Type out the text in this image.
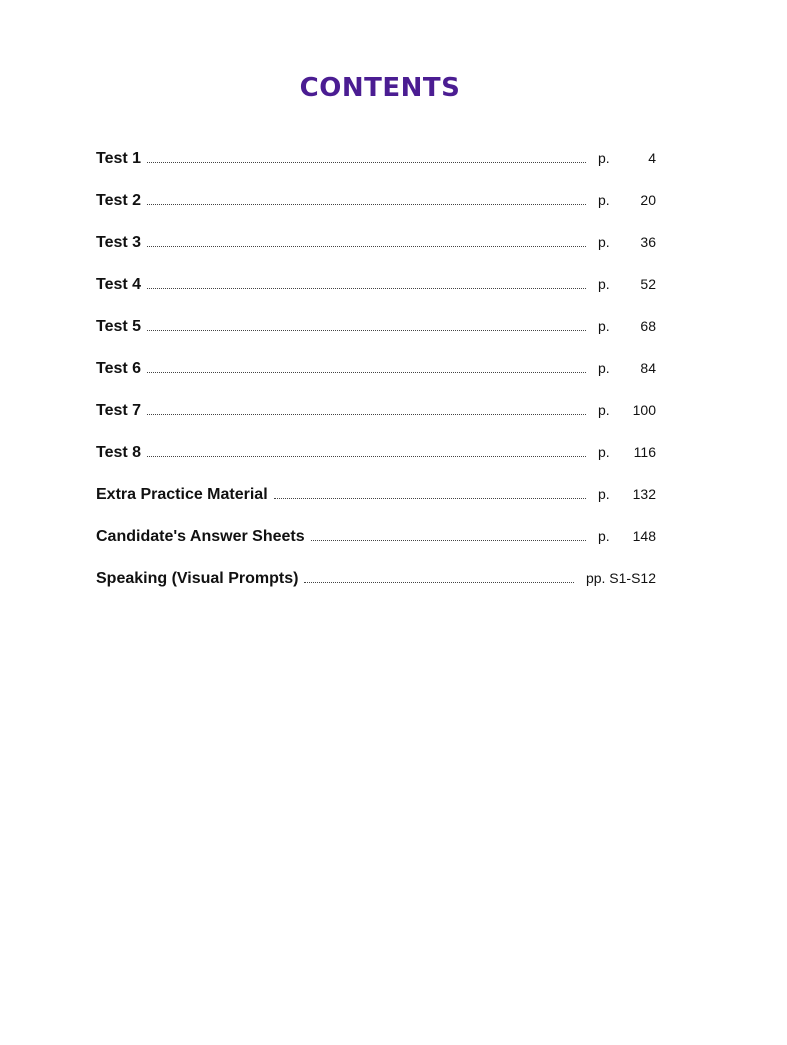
CONTENTS
Test 1	p.	4
Test 2	p.	20
Test 3	p.	36
Test 4	p.	52
Test 5	p.	68
Test 6	p.	84
Test 7	p.	100
Test 8	p.	116
Extra Practice Material	p.	132
Candidate's Answer Sheets	p.	148
Speaking (Visual Prompts)	pp. S1-S12
